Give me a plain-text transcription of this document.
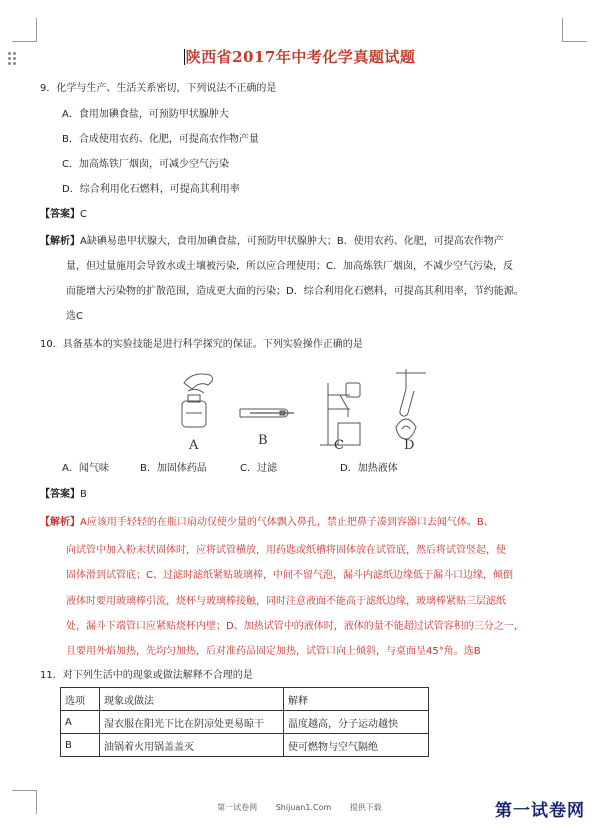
陕西省2017年中考化学真题试题
9．化学与生产、生活关系密切，下列说法不正确的是
A．食用加碘食盐，可预防甲状腺肿大
B．合成使用农药、化肥，可提高农作物产量
C．加高炼铁厂烟囱，可减少空气污染
D．综合利用化石燃料，可提高其利用率
【答案】C
【解析】A缺碘易患甲状腺大，食用加碘食盐，可预防甲状腺肿大；B．使用农药、化肥，可提高农作物产
量，但过量施用会导致水或土壤被污染，所以应合理使用；C．加高炼铁厂烟囱，不减少空气污染，反
而能增大污染物的扩散范围，造成更大面的污染；D．综合利用化石燃料，可提高其利用率，节约能源。
选C
10．具备基本的实验技能是进行科学探究的保证。下列实验操作正确的是
A	B	C	D
A．闻气味	B．加固体药品	C．过滤	D．加热液体
【答案】B
【解析】A应该用手轻轻的在瓶口扇动仅使少量的气体飘入鼻孔，禁止把鼻子凑到容器口去闻气体。B、
向试管中加入粉末状固体时，应将试管横放，用药匙或纸槽将固体放在试管底，然后将试管竖起，使
固体滑到试管底；C、过滤时滤纸紧贴玻璃棒，中间不留气泡，漏斗内滤纸边缘低于漏斗口边缘，倾倒
液体时要用玻璃棒引流，烧杯与玻璃棒接触，同时注意液面不能高于滤纸边缘，玻璃棒紧贴三层滤纸
处，漏斗下端管口应紧贴烧杯内壁；D、加热试管中的液体时，液体的量不能超过试管容积的三分之一，
且要用外焰加热，先均匀加热，后对准药品固定加热，试管口向上倾斜，与桌面呈45°角。选B
11．对下列生活中的现象或做法解释不合理的是
选项	现象或做法	解释
A	湿衣服在阳光下比在阴凉处更易晾干	温度越高，分子运动越快
B	油锅着火用锅盖盖灭	使可燃物与空气隔绝
第一试卷网 Shijuan1.Com 提供下载	第一试卷网
